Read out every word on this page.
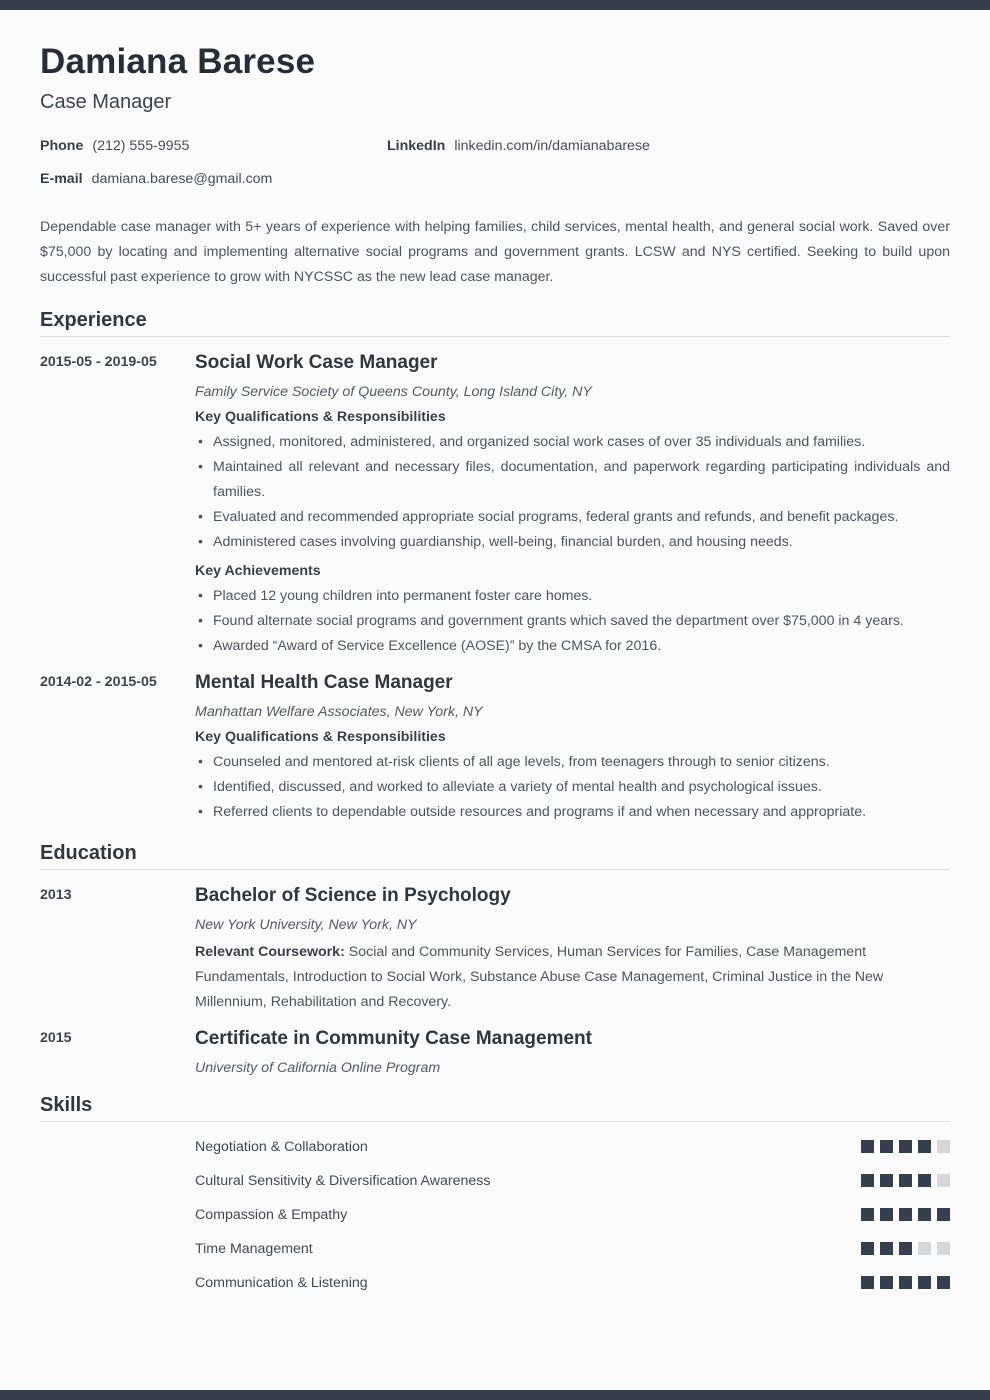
Damiana Barese
Case Manager
Phone (212) 555-9955	LinkedIn linkedin.com/in/damianabarese
E-mail damiana.barese@gmail.com
Dependable case manager with 5+ years of experience with helping families, child services, mental health, and general social work. Saved over $75,000 by locating and implementing alternative social programs and government grants. LCSW and NYS certified. Seeking to build upon successful past experience to grow with NYCSSC as the new lead case manager.
Experience
2015-05 - 2019-05	Social Work Case Manager
Family Service Society of Queens County, Long Island City, NY
Key Qualifications & Responsibilities
• Assigned, monitored, administered, and organized social work cases of over 35 individuals and families.
• Maintained all relevant and necessary files, documentation, and paperwork regarding participating individuals and families.
• Evaluated and recommended appropriate social programs, federal grants and refunds, and benefit packages.
• Administered cases involving guardianship, well-being, financial burden, and housing needs.
Key Achievements
• Placed 12 young children into permanent foster care homes.
• Found alternate social programs and government grants which saved the department over $75,000 in 4 years.
• Awarded “Award of Service Excellence (AOSE)” by the CMSA for 2016.
2014-02 - 2015-05	Mental Health Case Manager
Manhattan Welfare Associates, New York, NY
Key Qualifications & Responsibilities
• Counseled and mentored at-risk clients of all age levels, from teenagers through to senior citizens.
• Identified, discussed, and worked to alleviate a variety of mental health and psychological issues.
• Referred clients to dependable outside resources and programs if and when necessary and appropriate.
Education
2013	Bachelor of Science in Psychology
New York University, New York, NY
Relevant Coursework: Social and Community Services, Human Services for Families, Case Management Fundamentals, Introduction to Social Work, Substance Abuse Case Management, Criminal Justice in the New Millennium, Rehabilitation and Recovery.
2015	Certificate in Community Case Management
University of California Online Program
Skills
Negotiation & Collaboration
Cultural Sensitivity & Diversification Awareness
Compassion & Empathy
Time Management
Communication & Listening
